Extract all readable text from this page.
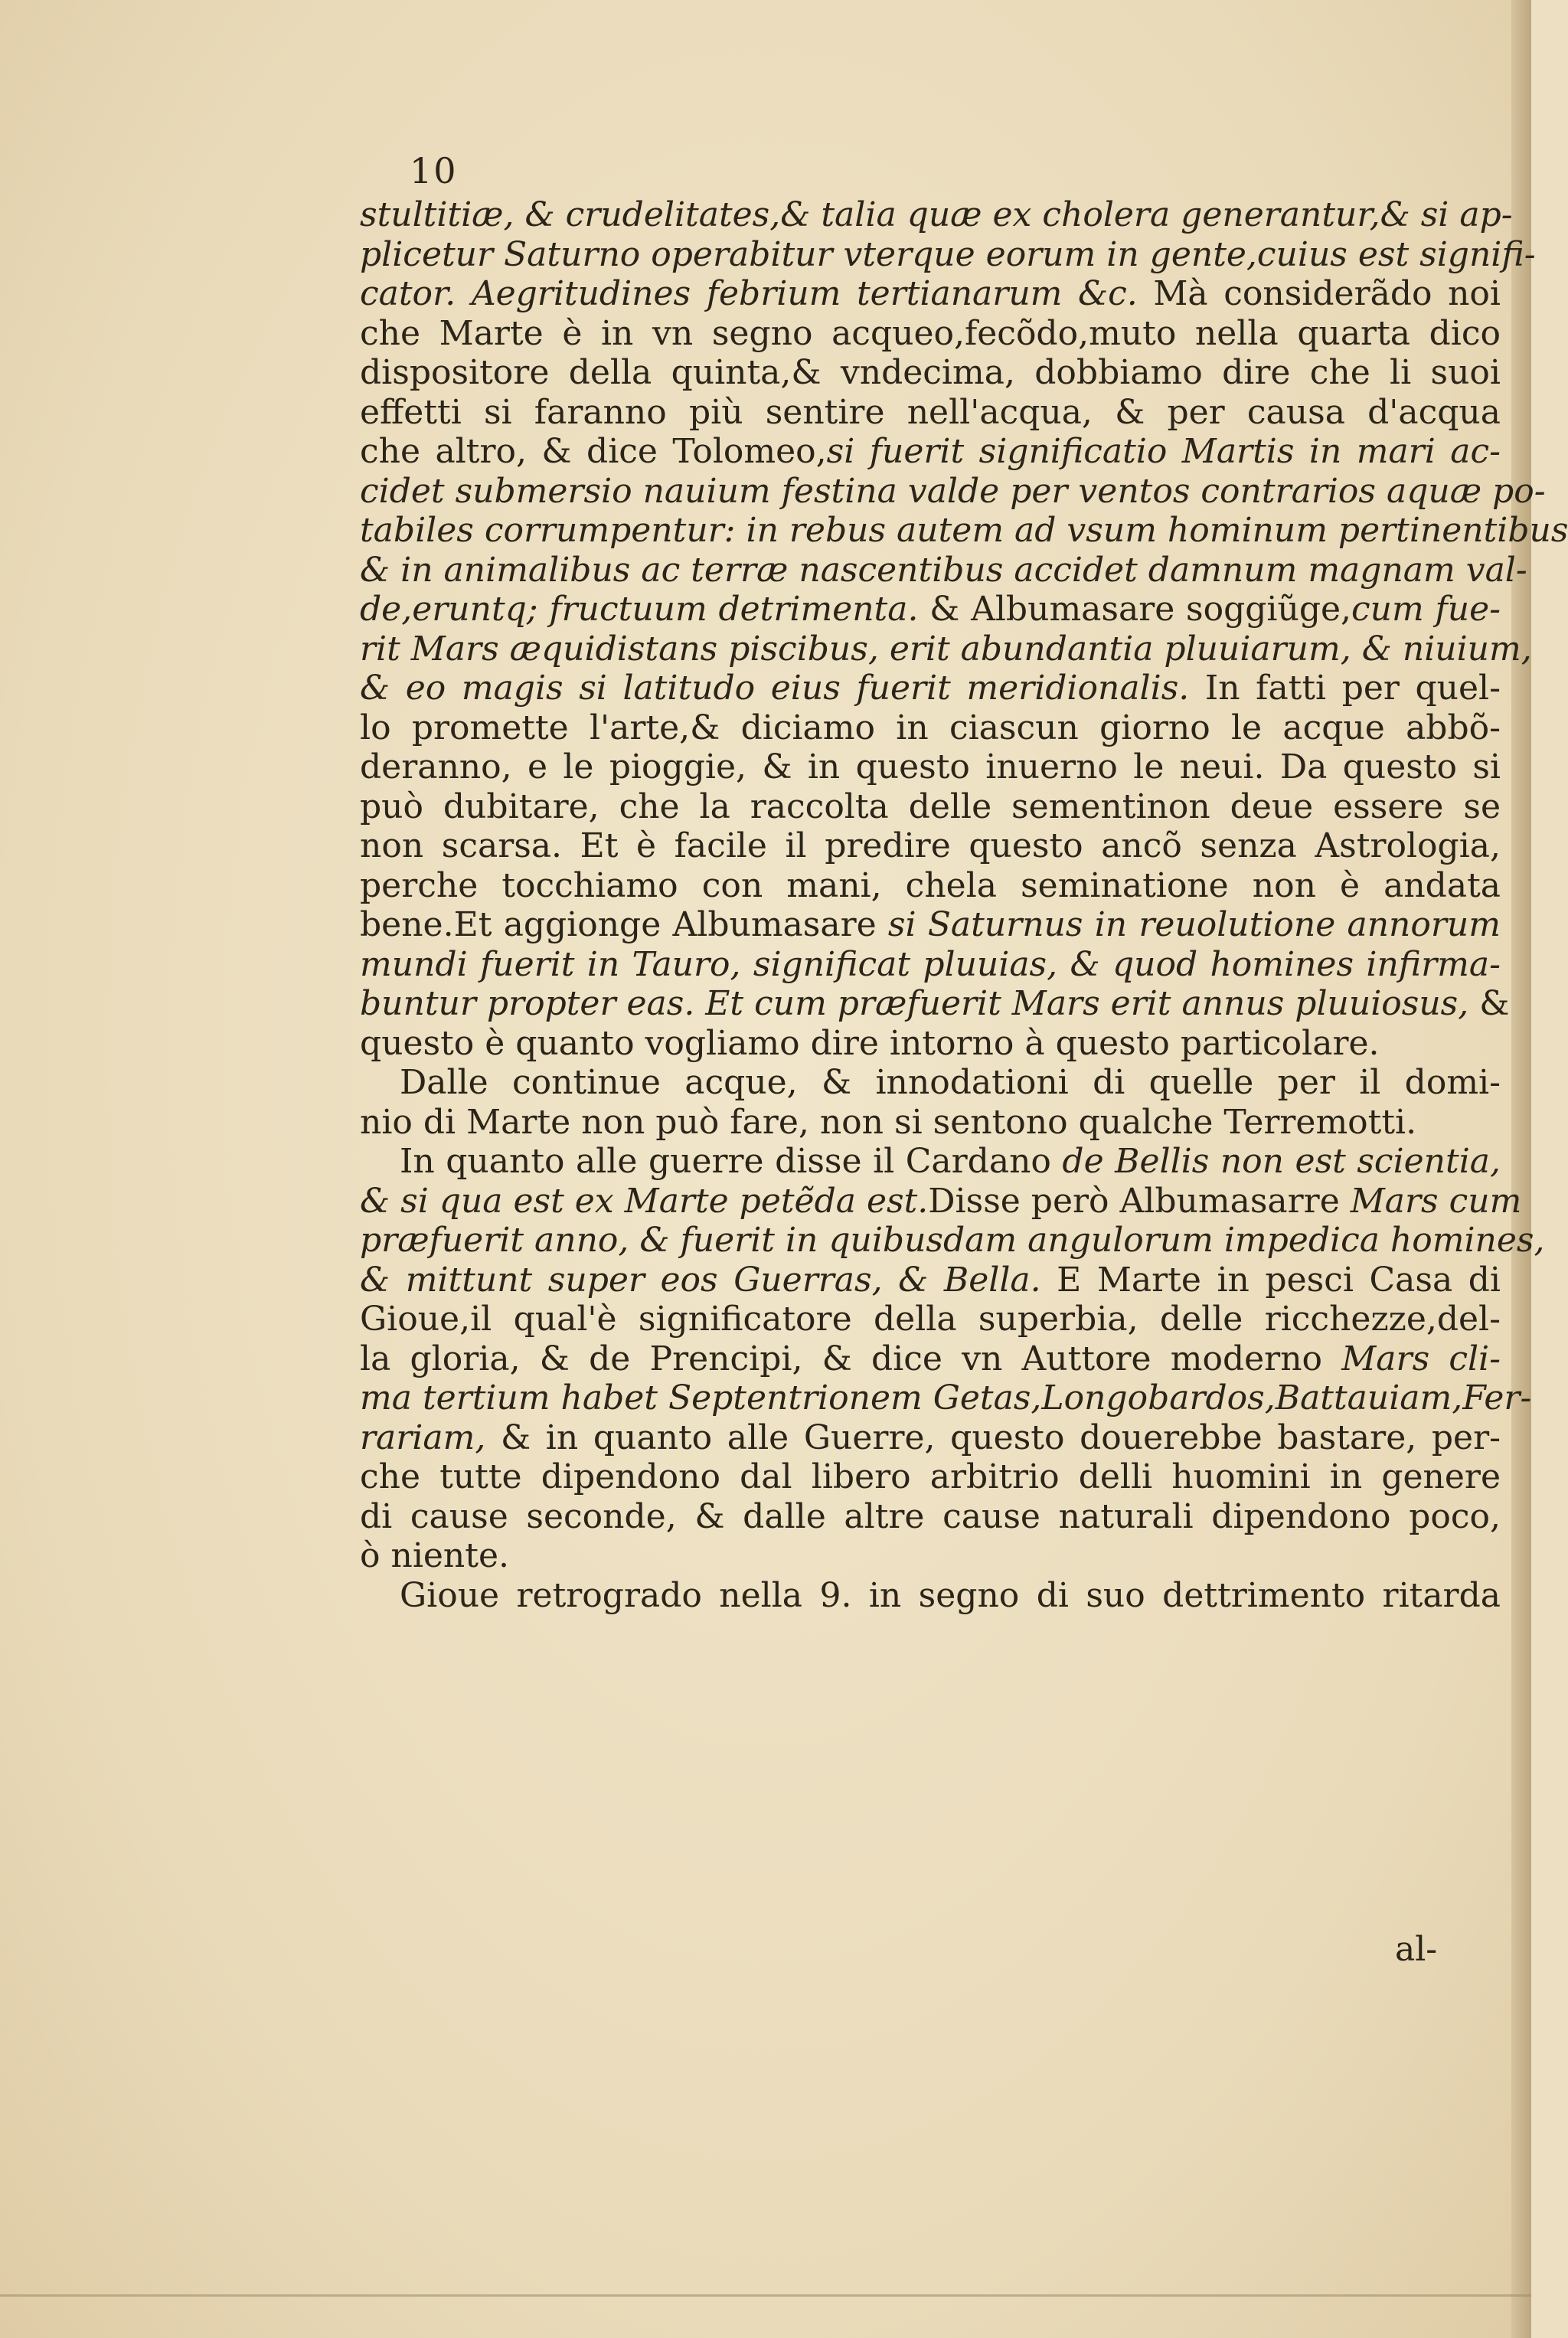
10
stultitiæ, & crudelitates,& talia quæ ex cholera generantur,& si ap-
plicetur Saturno operabitur vterque eorum in gente,cuius est signifi-
cator. Aegritudines febrium tertianarum &c. Mà considerãdo noi
che Marte è in vn segno acqueo,fecõdo,muto nella quarta dico
dispositore della quinta,& vndecima, dobbiamo dire che li suoi
effetti si faranno più sentire nell'acqua, & per causa d'acqua
che altro, & dice Tolomeo,si fuerit significatio Martis in mari ac-
cidet submersio nauium festina valde per ventos contrarios aquæ po-
tabiles corrumpentur: in rebus autem ad vsum hominum pertinentibus
& in animalibus ac terræ nascentibus accidet damnum magnam val-
de,eruntq; fructuum detrimenta. & Albumasare soggiũge,cum fue-
rit Mars æquidistans piscibus, erit abundantia pluuiarum, & niuium,
& eo magis si latitudo eius fuerit meridionalis. In fatti per quel-
lo promette l'arte,& diciamo in ciascun giorno le acque abbõ-
deranno, e le pioggie, & in questo inuerno le neui. Da questo si
può dubitare, che la raccolta delle sementinon deue essere se
non scarsa. Et è facile il predire questo ancõ senza Astrologia,
perche tocchiamo con mani, chela seminatione non è andata
bene.Et aggionge Albumasare si Saturnus in reuolutione annorum
mundi fuerit in Tauro, significat pluuias, & quod homines infirma-
buntur propter eas. Et cum præfuerit Mars erit annus pluuiosus, &
questo è quanto vogliamo dire intorno à questo particolare.
Dalle continue acque, & innodationi di quelle per il domi-
nio di Marte non può fare, non si sentono qualche Terremotti.
In quanto alle guerre disse il Cardano de Bellis non est scientia,
& si qua est ex Marte petẽda est.Disse però Albumasarre Mars cum
præfuerit anno, & fuerit in quibusdam angulorum impedica homines,
& mittunt super eos Guerras, & Bella. E Marte in pesci Casa di
Gioue,il qual'è significatore della superbia, delle ricchezze,del-
la gloria, & de Prencipi, & dice vn Auttore moderno Mars cli-
ma tertium habet Septentrionem Getas,Longobardos,Battauiam,Fer-
rariam, & in quanto alle Guerre, questo douerebbe bastare, per-
che tutte dipendono dal libero arbitrio delli huomini in genere
di cause seconde, & dalle altre cause naturali dipendono poco,
ò niente.
Gioue retrogrado nella 9. in segno di suo dettrimento ritarda
al-
